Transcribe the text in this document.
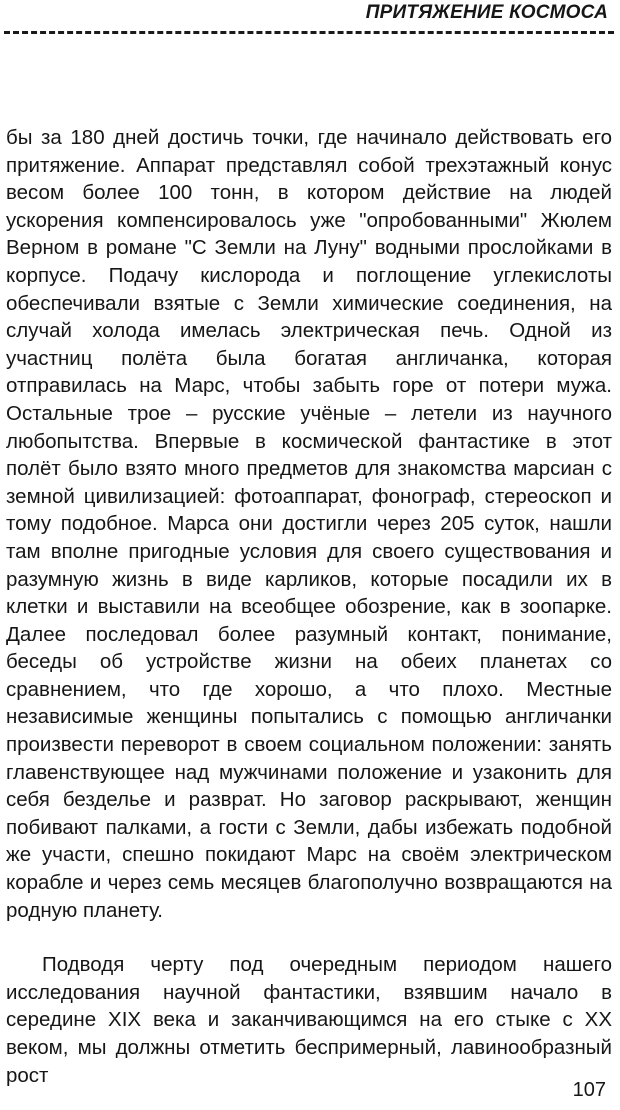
ПРИТЯЖЕНИЕ КОСМОСА

бы за 180 дней достичь точки, где начинало действовать его притяжение. Аппарат представлял собой трехэтажный конус весом более 100 тонн, в котором действие на людей ускорения компенсировалось уже "опробованными" Жюлем Верном в романе "С Земли на Луну" водными прослойками в корпусе. Подачу кислорода и поглощение углекислоты обеспечивали взятые с Земли химические соединения, на случай холода имелась электрическая печь. Одной из участниц полёта была богатая англичанка, которая отправилась на Марс, чтобы забыть горе от потери мужа. Остальные трое – русские учёные – летели из научного любопытства. Впервые в космической фантастике в этот полёт было взято много предметов для знакомства марсиан с земной цивилизацией: фотоаппарат, фонограф, стереоскоп и тому подобное. Марса они достигли через 205 суток, нашли там вполне пригодные условия для своего существования и разумную жизнь в виде карликов, которые посадили их в клетки и выставили на всеобщее обозрение, как в зоопарке. Далее последовал более разумный контакт, понимание, беседы об устройстве жизни на обеих планетах со сравнением, что где хорошо, а что плохо. Местные независимые женщины попытались с помощью англичанки произвести переворот в своем социальном положении: занять главенствующее над мужчинами положение и узаконить для себя безделье и разврат. Но заговор раскрывают, женщин побивают палками, а гости с Земли, дабы избежать подобной же участи, спешно покидают Марс на своём электрическом корабле и через семь месяцев благополучно возвращаются на родную планету.

Подводя черту под очередным периодом нашего исследования научной фантастики, взявшим начало в середине XIX века и заканчивающимся на его стыке с XX веком, мы должны отметить беспримерный, лавинообразный рост

107
